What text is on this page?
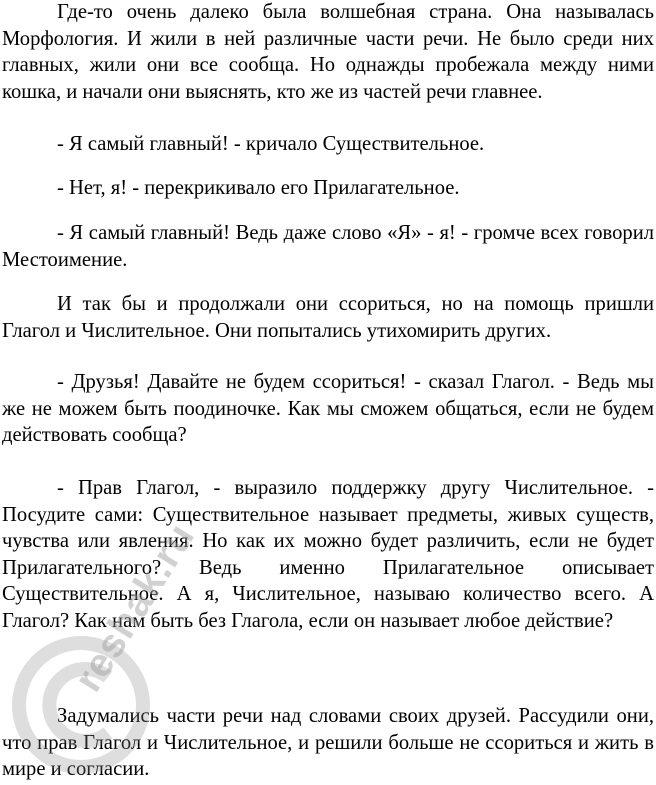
Где-то очень далеко была волшебная страна. Она называлась Морфология. И жили в ней различные части речи. Не было среди них главных, жили они все сообща. Но однажды пробежала между ними кошка, и начали они выяснять, кто же из частей речи главнее.

- Я самый главный! - кричало Существительное.

- Нет, я! - перекрикивало его Прилагательное.

- Я самый главный! Ведь даже слово «Я» - я! - громче всех говорил Местоимение.

И так бы и продолжали они ссориться, но на помощь пришли Глагол и Числительное. Они попытались утихомирить других.

- Друзья! Давайте не будем ссориться! - сказал Глагол. - Ведь мы же не можем быть поодиночке. Как мы сможем общаться, если не будем действовать сообща?

- Прав Глагол, - выразило поддержку другу Числительное. - Посудите сами: Существительное называет предметы, живых существ, чувства или явления. Но как их можно будет различить, если не будет Прилагательного? Ведь именно Прилагательное описывает Существительное. А я, Числительное, называю количество всего. А Глагол? Как нам быть без Глагола, если он называет любое действие?

Задумались части речи над словами своих друзей. Рассудили они, что прав Глагол и Числительное, и решили больше не ссориться и жить в мире и согласии.

reshak.ru
